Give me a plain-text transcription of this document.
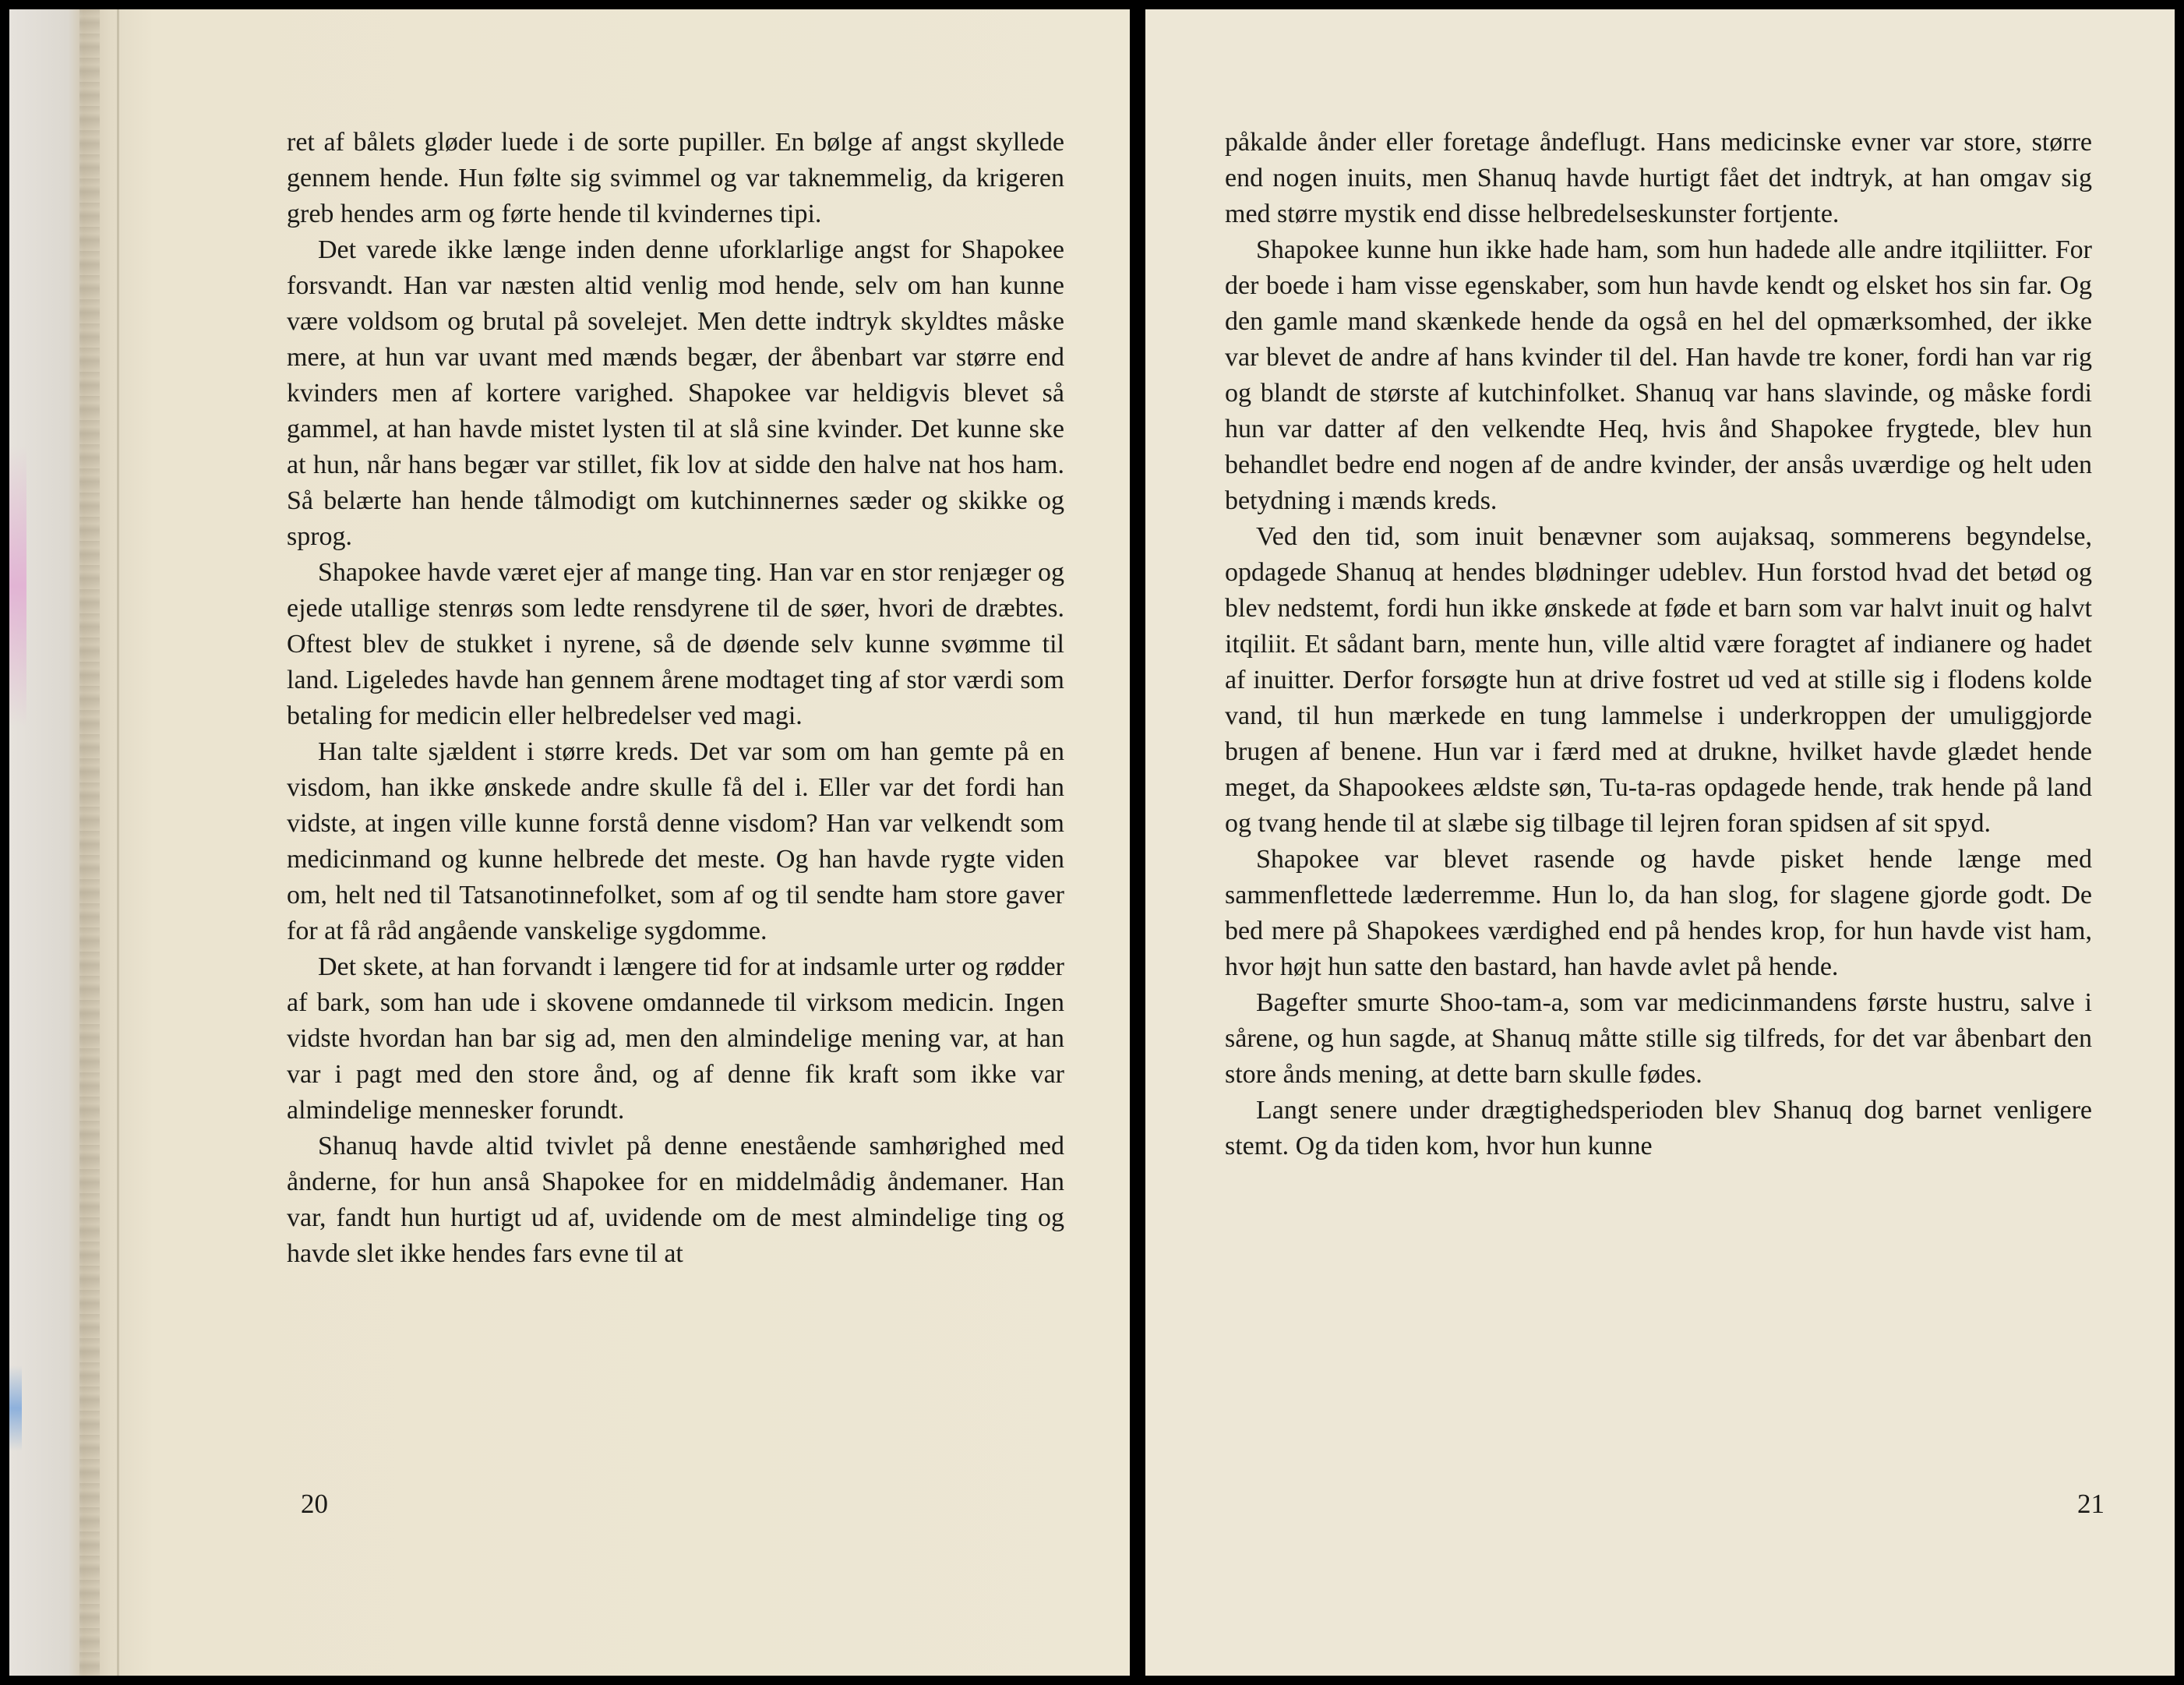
ret af bålets gløder luede i de sorte pupiller. En bølge af angst skyllede gennem hende. Hun følte sig svimmel og var taknemmelig, da krigeren greb hendes arm og førte hende til kvindernes tipi.

Det varede ikke længe inden denne uforklarlige angst for Shapokee forsvandt. Han var næsten altid venlig mod hende, selv om han kunne være voldsom og brutal på sovelejet. Men dette indtryk skyldtes måske mere, at hun var uvant med mænds begær, der åbenbart var større end kvinders men af kortere varighed. Shapokee var heldigvis blevet så gammel, at han havde mistet lysten til at slå sine kvinder. Det kunne ske at hun, når hans begær var stillet, fik lov at sidde den halve nat hos ham. Så belærte han hende tålmodigt om kutchinnernes sæder og skikke og sprog.

Shapokee havde været ejer af mange ting. Han var en stor renjæger og ejede utallige stenrøs som ledte rensdyrene til de søer, hvori de dræbtes. Oftest blev de stukket i nyrene, så de døende selv kunne svømme til land. Ligeledes havde han gennem årene modtaget ting af stor værdi som betaling for medicin eller helbredelser ved magi.

Han talte sjældent i større kreds. Det var som om han gemte på en visdom, han ikke ønskede andre skulle få del i. Eller var det fordi han vidste, at ingen ville kunne forstå denne visdom? Han var velkendt som medicinmand og kunne helbrede det meste. Og han havde rygte viden om, helt ned til Tatsanotinnefolket, som af og til sendte ham store gaver for at få råd angående vanskelige sygdomme.

Det skete, at han forvandt i længere tid for at indsamle urter og rødder af bark, som han ude i skovene omdannede til virksom medicin. Ingen vidste hvordan han bar sig ad, men den almindelige mening var, at han var i pagt med den store ånd, og af denne fik kraft som ikke var almindelige mennesker forundt.

Shanuq havde altid tvivlet på denne enestående samhørighed med ånderne, for hun anså Shapokee for en middelmådig åndemaner. Han var, fandt hun hurtigt ud af, uvidende om de mest almindelige ting og havde slet ikke hendes fars evne til at

20

påkalde ånder eller foretage åndeflugt. Hans medicinske evner var store, større end nogen inuits, men Shanuq havde hurtigt fået det indtryk, at han omgav sig med større mystik end disse helbredelseskunster fortjente.

Shapokee kunne hun ikke hade ham, som hun hadede alle andre itqiliitter. For der boede i ham visse egenskaber, som hun havde kendt og elsket hos sin far. Og den gamle mand skænkede hende da også en hel del opmærksomhed, der ikke var blevet de andre af hans kvinder til del. Han havde tre koner, fordi han var rig og blandt de største af kutchinfolket. Shanuq var hans slavinde, og måske fordi hun var datter af den velkendte Heq, hvis ånd Shapokee frygtede, blev hun behandlet bedre end nogen af de andre kvinder, der ansås uværdige og helt uden betydning i mænds kreds.

Ved den tid, som inuit benævner som aujaksaq, sommerens begyndelse, opdagede Shanuq at hendes blødninger udeblev. Hun forstod hvad det betød og blev nedstemt, fordi hun ikke ønskede at føde et barn som var halvt inuit og halvt itqiliit. Et sådant barn, mente hun, ville altid være foragtet af indianere og hadet af inuitter. Derfor forsøgte hun at drive fostret ud ved at stille sig i flodens kolde vand, til hun mærkede en tung lammelse i underkroppen der umuliggjorde brugen af benene. Hun var i færd med at drukne, hvilket havde glædet hende meget, da Shapookees ældste søn, Tu-ta-ras opdagede hende, trak hende på land og tvang hende til at slæbe sig tilbage til lejren foran spidsen af sit spyd.

Shapokee var blevet rasende og havde pisket hende længe med sammenflettede læderremme. Hun lo, da han slog, for slagene gjorde godt. De bed mere på Shapokees værdighed end på hendes krop, for hun havde vist ham, hvor højt hun satte den bastard, han havde avlet på hende.

Bagefter smurte Shoo-tam-a, som var medicinmandens første hustru, salve i sårene, og hun sagde, at Shanuq måtte stille sig tilfreds, for det var åbenbart den store ånds mening, at dette barn skulle fødes.

Langt senere under drægtighedsperioden blev Shanuq dog barnet venligere stemt. Og da tiden kom, hvor hun kunne

21
